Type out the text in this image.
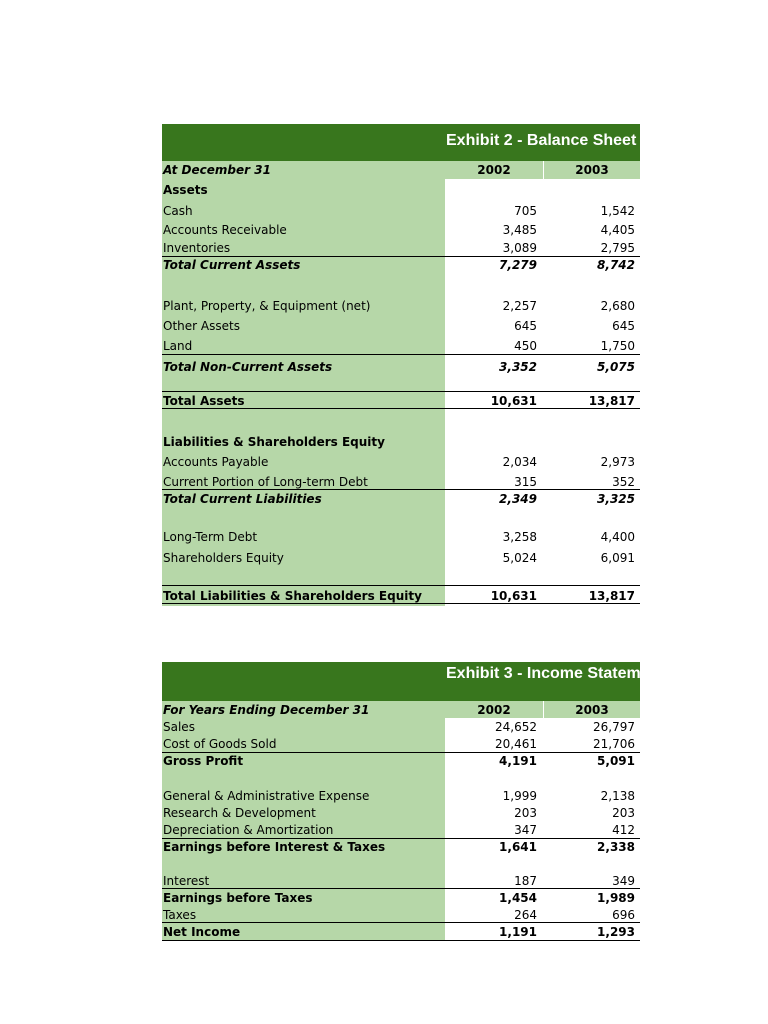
Exhibit 2 - Balance Sheet
At December 31	2002	2003
Assets
Cash	705	1,542
Accounts Receivable	3,485	4,405
Inventories	3,089	2,795
Total Current Assets	7,279	8,742
Plant, Property, & Equipment (net)	2,257	2,680
Other Assets	645	645
Land	450	1,750
Total Non-Current Assets	3,352	5,075
Total Assets	10,631	13,817
Liabilities & Shareholders Equity
Accounts Payable	2,034	2,973
Current Portion of Long-term Debt	315	352
Total Current Liabilities	2,349	3,325
Long-Term Debt	3,258	4,400
Shareholders Equity	5,024	6,091
Total Liabilities & Shareholders Equity	10,631	13,817
Exhibit 3 - Income Statement
For Years Ending December 31	2002	2003
Sales	24,652	26,797
Cost of Goods Sold	20,461	21,706
Gross Profit	4,191	5,091
General & Administrative Expense	1,999	2,138
Research & Development	203	203
Depreciation & Amortization	347	412
Earnings before Interest & Taxes	1,641	2,338
Interest	187	349
Earnings before Taxes	1,454	1,989
Taxes	264	696
Net Income	1,191	1,293
